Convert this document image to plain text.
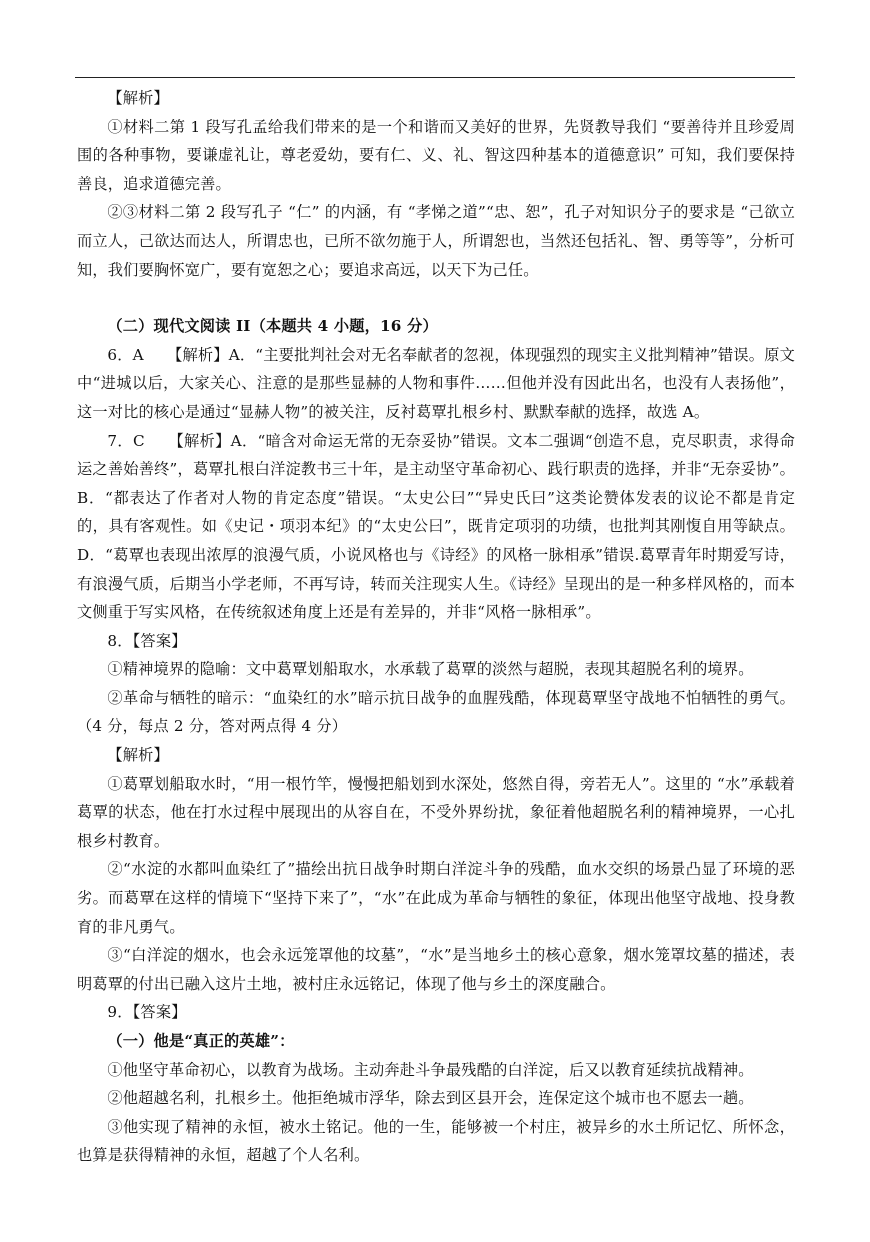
【解析】

①材料二第 1 段写孔孟给我们带来的是一个和谐而又美好的世界，先贤教导我们 “要善待并且珍爱周围的各种事物，要谦虚礼让，尊老爱幼，要有仁、义、礼、智这四种基本的道德意识” 可知，我们要保持善良，追求道德完善。

②③材料二第 2 段写孔子 “仁” 的内涵，有 “孝悌之道”“忠、恕”，孔子对知识分子的要求是 “己欲立而立人，己欲达而达人，所谓忠也，已所不欲勿施于人，所谓恕也，当然还包括礼、智、勇等等”，分析可知，我们要胸怀宽广，要有宽恕之心；要追求高远，以天下为己任。

（二）现代文阅读 II（本题共 4 小题，16 分）

6．A　　【解析】A．“主要批判社会对无名奉献者的忽视，体现强烈的现实主义批判精神”错误。原文中“进城以后，大家关心、注意的是那些显赫的人物和事件……但他并没有因此出名，也没有人表扬他”，这一对比的核心是通过“显赫人物”的被关注，反衬葛覃扎根乡村、默默奉献的选择，故选 A。

7．C　　【解析】A．“暗含对命运无常的无奈妥协”错误。文本二强调“创造不息，克尽职责，求得命运之善始善终”，葛覃扎根白洋淀教书三十年，是主动坚守革命初心、践行职责的选择，并非“无奈妥协”。B．“都表达了作者对人物的肯定态度”错误。“太史公曰”“异史氏曰”这类论赞体发表的议论不都是肯定的，具有客观性。如《史记・项羽本纪》的“太史公曰”，既肯定项羽的功绩，也批判其刚愎自用等缺点。D．“葛覃也表现出浓厚的浪漫气质，小说风格也与《诗经》的风格一脉相承”错误.葛覃青年时期爱写诗，有浪漫气质，后期当小学老师，不再写诗，转而关注现实人生。《诗经》呈现出的是一种多样风格的，而本文侧重于写实风格，在传统叙述角度上还是有差异的，并非“风格一脉相承”。

8．【答案】

①精神境界的隐喻：文中葛覃划船取水，水承载了葛覃的淡然与超脱，表现其超脱名利的境界。

②革命与牺牲的暗示：“血染红的水”暗示抗日战争的血腥残酷，体现葛覃坚守战地不怕牺牲的勇气。（4 分，每点 2 分，答对两点得 4 分）

【解析】

①葛覃划船取水时，“用一根竹竿，慢慢把船划到水深处，悠然自得，旁若无人”。这里的 “水”承载着葛覃的状态，他在打水过程中展现出的从容自在，不受外界纷扰，象征着他超脱名利的精神境界，一心扎根乡村教育。

②“水淀的水都叫血染红了”描绘出抗日战争时期白洋淀斗争的残酷，血水交织的场景凸显了环境的恶劣。而葛覃在这样的情境下“坚持下来了”，“水”在此成为革命与牺牲的象征，体现出他坚守战地、投身教育的非凡勇气。

③“白洋淀的烟水，也会永远笼罩他的坟墓”，“水”是当地乡土的核心意象，烟水笼罩坟墓的描述，表明葛覃的付出已融入这片土地，被村庄永远铭记，体现了他与乡土的深度融合。

9．【答案】

（一）他是“真正的英雄”：

①他坚守革命初心，以教育为战场。主动奔赴斗争最残酷的白洋淀，后又以教育延续抗战精神。

②他超越名利，扎根乡土。他拒绝城市浮华，除去到区县开会，连保定这个城市也不愿去一趟。

③他实现了精神的永恒，被水土铭记。他的一生，能够被一个村庄，被异乡的水土所记忆、所怀念，也算是获得精神的永恒，超越了个人名利。
